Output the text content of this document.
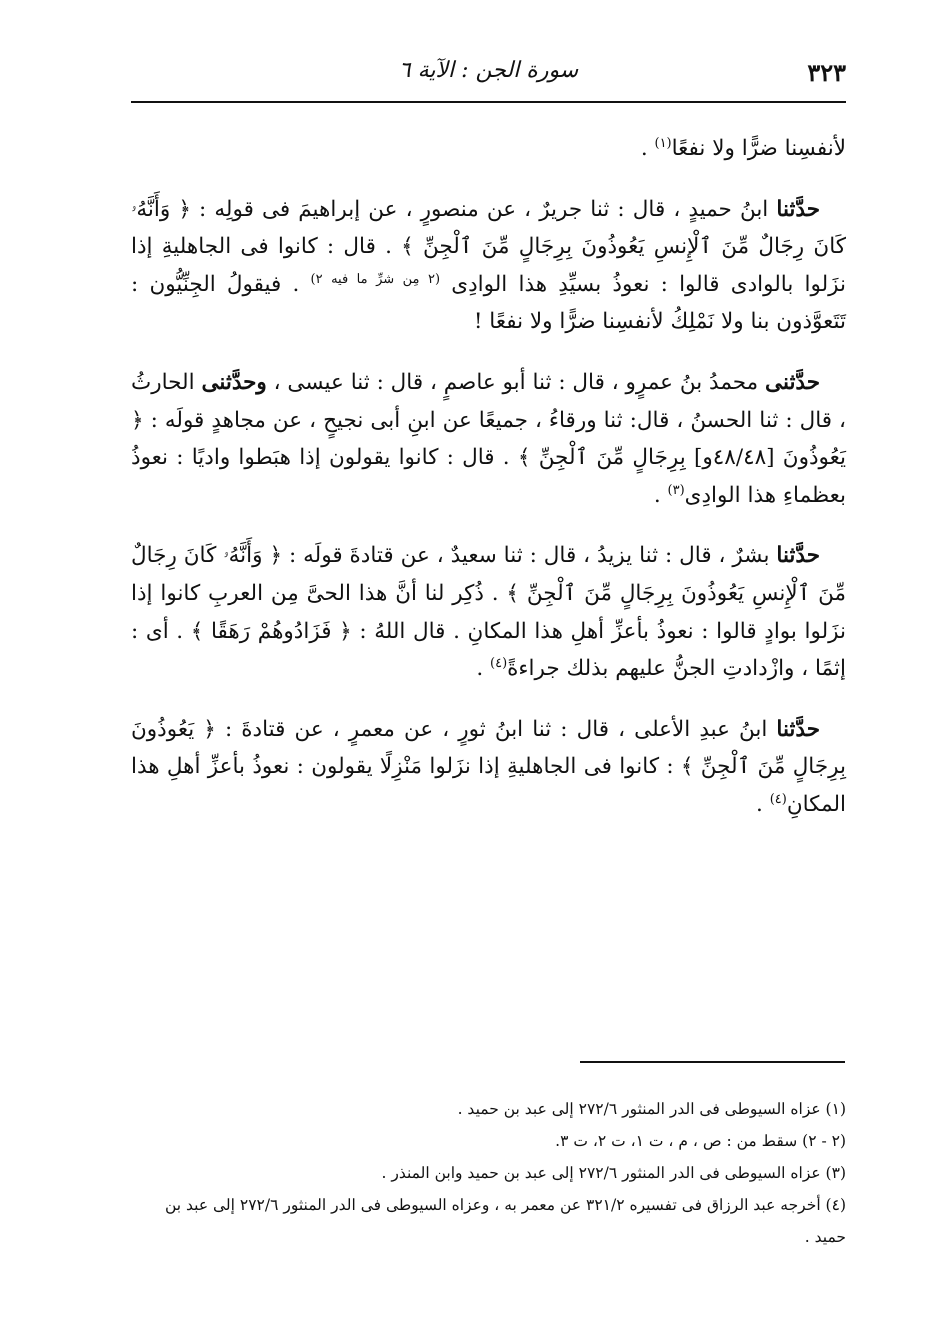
٣٢٣
سورة الجن : الآية ٦

لأنفسِنا ضرًّا ولا نفعًا$^{(١)}$ .

حدَّثنا ابنُ حميدٍ ، قال : ثنا جريرٌ ، عن منصورٍ ، عن إبراهيمَ فى قولِه : ﴿ وَأَنَّهُۥ كَانَ رِجَالٌ مِّنَ ٱلْإِنسِ يَعُوذُونَ بِرِجَالٍ مِّنَ ٱلْجِنِّ ﴾ . قال : كانوا فى الجاهليةِ إذا نزَلوا بالوادى قالوا : نعوذُ بسيِّدِ هذا الوادِى $^{(٢ مِن شرِّ ما فيه ٢)}$ . فيقولُ الجِنِّيُّون : تَتَعوَّذون بنا ولا نَمْلِكُ لأنفسِنا ضرًّا ولا نفعًا !

حدَّثنى محمدُ بنُ عمرٍو ، قال : ثنا أبو عاصمٍ ، قال : ثنا عيسى ، وحدَّثنى الحارثُ ، قال : ثنا الحسنُ ، قال: ثنا ورقاءُ ، جميعًا عن ابنِ أبى نجيحٍ ، عن مجاهدٍ قولَه : ﴿ يَعُوذُونَ [٤٨/٤٨و] بِرِجَالٍ مِّنَ ٱلْجِنِّ ﴾ . قال : كانوا يقولون إذا هبَطوا واديًا : نعوذُ بعظماءِ هذا الوادِى$^{(٣)}$ .

حدَّثنا بشرٌ ، قال : ثنا يزيدُ ، قال : ثنا سعيدٌ ، عن قتادةَ قولَه : ﴿ وَأَنَّهُۥ كَانَ رِجَالٌ مِّنَ ٱلْإِنسِ يَعُوذُونَ بِرِجَالٍ مِّنَ ٱلْجِنِّ ﴾ . ذُكِر لنا أنَّ هذا الحىَّ مِن العربِ كانوا إذا نزَلوا بوادٍ قالوا : نعوذُ بأعزِّ أهلِ هذا المكانِ . قال اللهُ : ﴿ فَزَادُوهُمْ رَهَقًا ﴾ . أى : إثمًا ، وازْدادتِ الجنُّ عليهم بذلك جراءةً$^{(٤)}$ .

حدَّثنا ابنُ عبدِ الأعلى ، قال : ثنا ابنُ ثورٍ ، عن معمرٍ ، عن قتادةَ : ﴿ يَعُوذُونَ بِرِجَالٍ مِّنَ ٱلْجِنِّ ﴾ : كانوا فى الجاهليةِ إذا نزَلوا مَنْزِلًا يقولون : نعوذُ بأعزِّ أهلِ هذا المكانِ$^{(٤)}$ .

(١) عزاه السيوطى فى الدر المنثور ٢٧٢/٦ إلى عبد بن حميد .

(٢ - ٢) سقط من : ص ، م ، ت ١، ت ٢، ت ٣.

(٣) عزاه السيوطى فى الدر المنثور ٢٧٢/٦ إلى عبد بن حميد وابن المنذر .

(٤) أخرجه عبد الرزاق فى تفسيره ٣٢١/٢ عن معمر به ، وعزاه السيوطى فى الدر المنثور ٢٧٢/٦ إلى عبد بن حميد .
